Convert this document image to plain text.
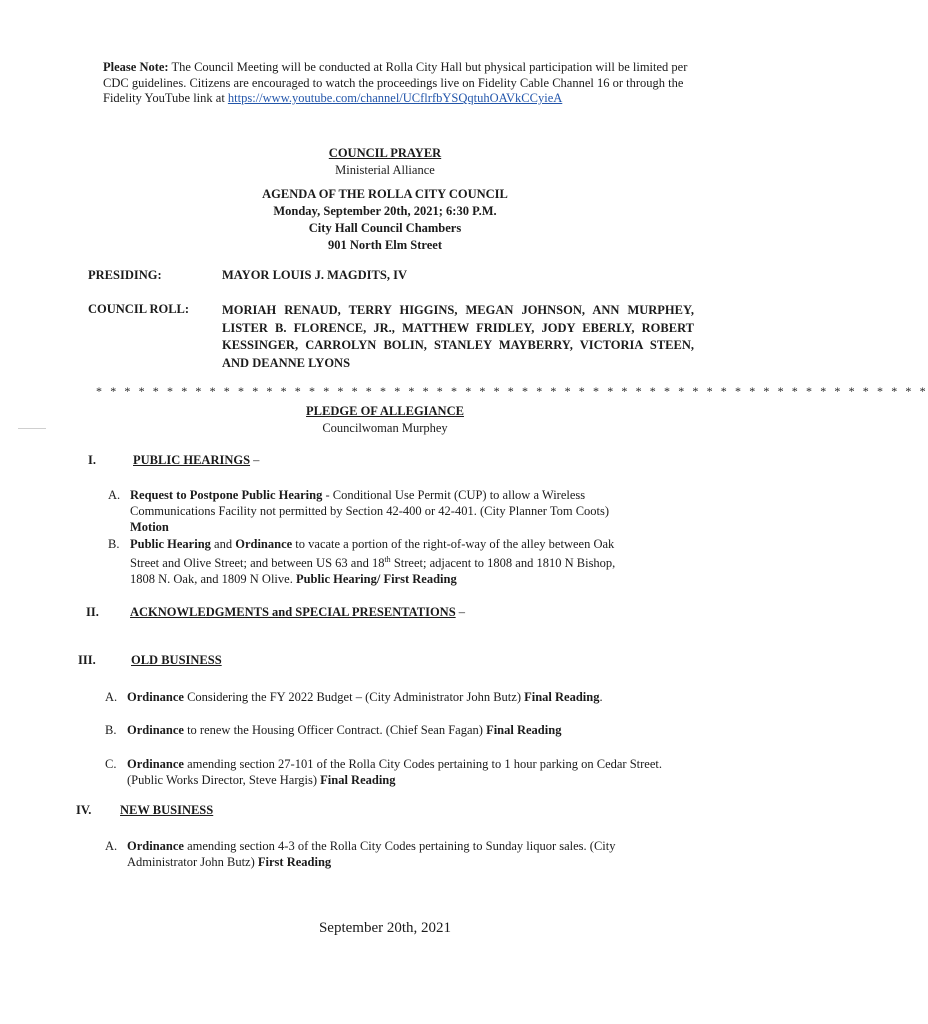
Please Note: The Council Meeting will be conducted at Rolla City Hall but physical participation will be limited per CDC guidelines. Citizens are encouraged to watch the proceedings live on Fidelity Cable Channel 16 or through the Fidelity YouTube link at https://www.youtube.com/channel/UCflrfbYSQqtuhOAVkCCyieA
COUNCIL PRAYER
Ministerial Alliance
AGENDA OF THE ROLLA CITY COUNCIL
Monday, September 20th, 2021; 6:30 P.M.
City Hall Council Chambers
901 North Elm Street
PRESIDING:	MAYOR LOUIS J. MAGDITS, IV
COUNCIL ROLL:	MORIAH RENAUD, TERRY HIGGINS, MEGAN JOHNSON, ANN MURPHEY, LISTER B. FLORENCE, JR., MATTHEW FRIDLEY, JODY EBERLY, ROBERT KESSINGER, CARROLYN BOLIN, STANLEY MAYBERRY, VICTORIA STEEN, AND DEANNE LYONS
* * * * * * * * * * * * * * * * * * * * * * * * * * * * * * * * * * * * * * * * * * * * * * * * * * * * * * * * * * *
PLEDGE OF ALLEGIANCE
Councilwoman Murphey
I.	PUBLIC HEARINGS –
A. Request to Postpone Public Hearing - Conditional Use Permit (CUP) to allow a Wireless
Communications Facility not permitted by Section 42-400 or 42-401. (City Planner Tom Coots)
Motion
B. Public Hearing and Ordinance to vacate a portion of the right-of-way of the alley between Oak
Street and Olive Street; and between US 63 and 18th Street; adjacent to 1808 and 1810 N Bishop,
1808 N. Oak, and 1809 N Olive. Public Hearing/ First Reading
II. ACKNOWLEDGMENTS and SPECIAL PRESENTATIONS –
III.	OLD BUSINESS
A. Ordinance Considering the FY 2022 Budget – (City Administrator John Butz) Final Reading.
B. Ordinance to renew the Housing Officer Contract. (Chief Sean Fagan) Final Reading
C. Ordinance amending section 27-101 of the Rolla City Codes pertaining to 1 hour parking on Cedar Street.
(Public Works Director, Steve Hargis) Final Reading
IV. NEW BUSINESS
A. Ordinance amending section 4-3 of the Rolla City Codes pertaining to Sunday liquor sales. (City
Administrator John Butz) First Reading
September 20th, 2021
